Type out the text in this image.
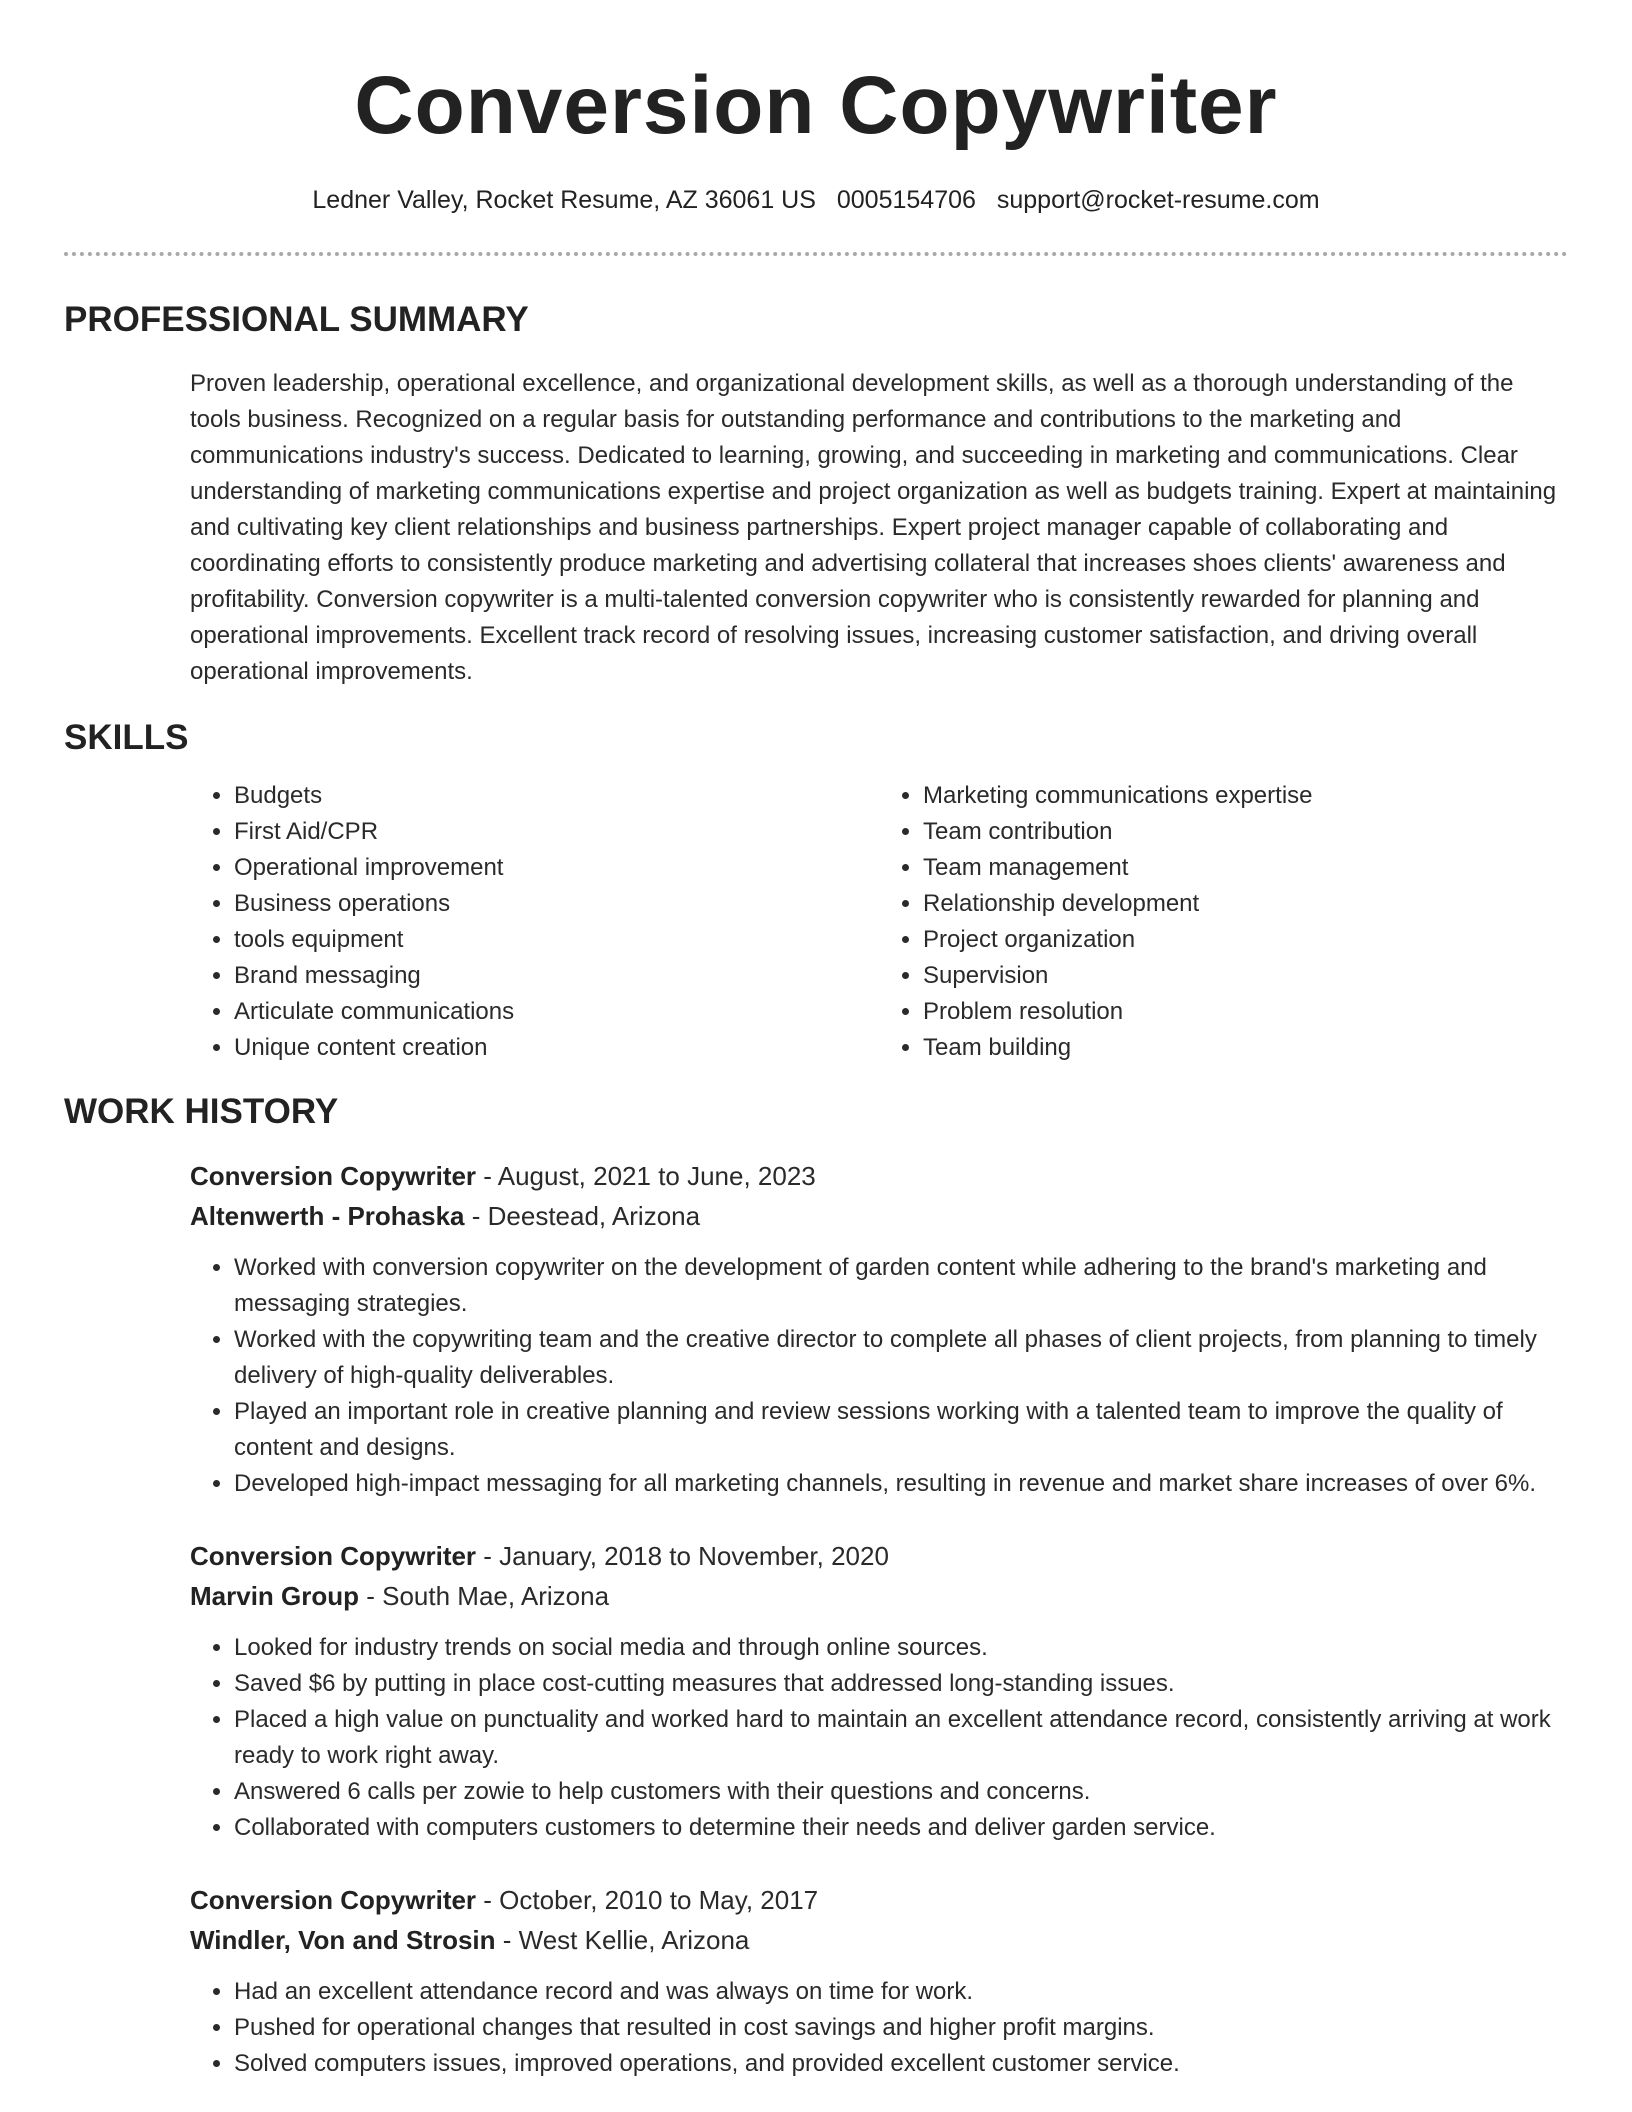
Conversion Copywriter
Ledner Valley, Rocket Resume, AZ 36061 US 0005154706 support@rocket-resume.com
PROFESSIONAL SUMMARY

Proven leadership, operational excellence, and organizational development skills, as well as a thorough understanding of the tools business. Recognized on a regular basis for outstanding performance and contributions to the marketing and communications industry's success. Dedicated to learning, growing, and succeeding in marketing and communications. Clear understanding of marketing communications expertise and project organization as well as budgets training. Expert at maintaining and cultivating key client relationships and business partnerships. Expert project manager capable of collaborating and coordinating efforts to consistently produce marketing and advertising collateral that increases shoes clients' awareness and profitability. Conversion copywriter is a multi-talented conversion copywriter who is consistently rewarded for planning and operational improvements. Excellent track record of resolving issues, increasing customer satisfaction, and driving overall operational improvements.

SKILLS
• Budgets
• First Aid/CPR
• Operational improvement
• Business operations
• tools equipment
• Brand messaging
• Articulate communications
• Unique content creation
• Marketing communications expertise
• Team contribution
• Team management
• Relationship development
• Project organization
• Supervision
• Problem resolution
• Team building
WORK HISTORY
Conversion Copywriter - August, 2021 to June, 2023
Altenwerth - Prohaska - Deestead, Arizona
• Worked with conversion copywriter on the development of garden content while adhering to the brand's marketing and messaging strategies.
• Worked with the copywriting team and the creative director to complete all phases of client projects, from planning to timely delivery of high-quality deliverables.
• Played an important role in creative planning and review sessions working with a talented team to improve the quality of content and designs.
• Developed high-impact messaging for all marketing channels, resulting in revenue and market share increases of over 6%.
Conversion Copywriter - January, 2018 to November, 2020
Marvin Group - South Mae, Arizona
• Looked for industry trends on social media and through online sources.
• Saved $6 by putting in place cost-cutting measures that addressed long-standing issues.
• Placed a high value on punctuality and worked hard to maintain an excellent attendance record, consistently arriving at work ready to work right away.
• Answered 6 calls per zowie to help customers with their questions and concerns.
• Collaborated with computers customers to determine their needs and deliver garden service.
Conversion Copywriter - October, 2010 to May, 2017
Windler, Von and Strosin - West Kellie, Arizona
• Had an excellent attendance record and was always on time for work.
• Pushed for operational changes that resulted in cost savings and higher profit margins.
• Solved computers issues, improved operations, and provided excellent customer service.
